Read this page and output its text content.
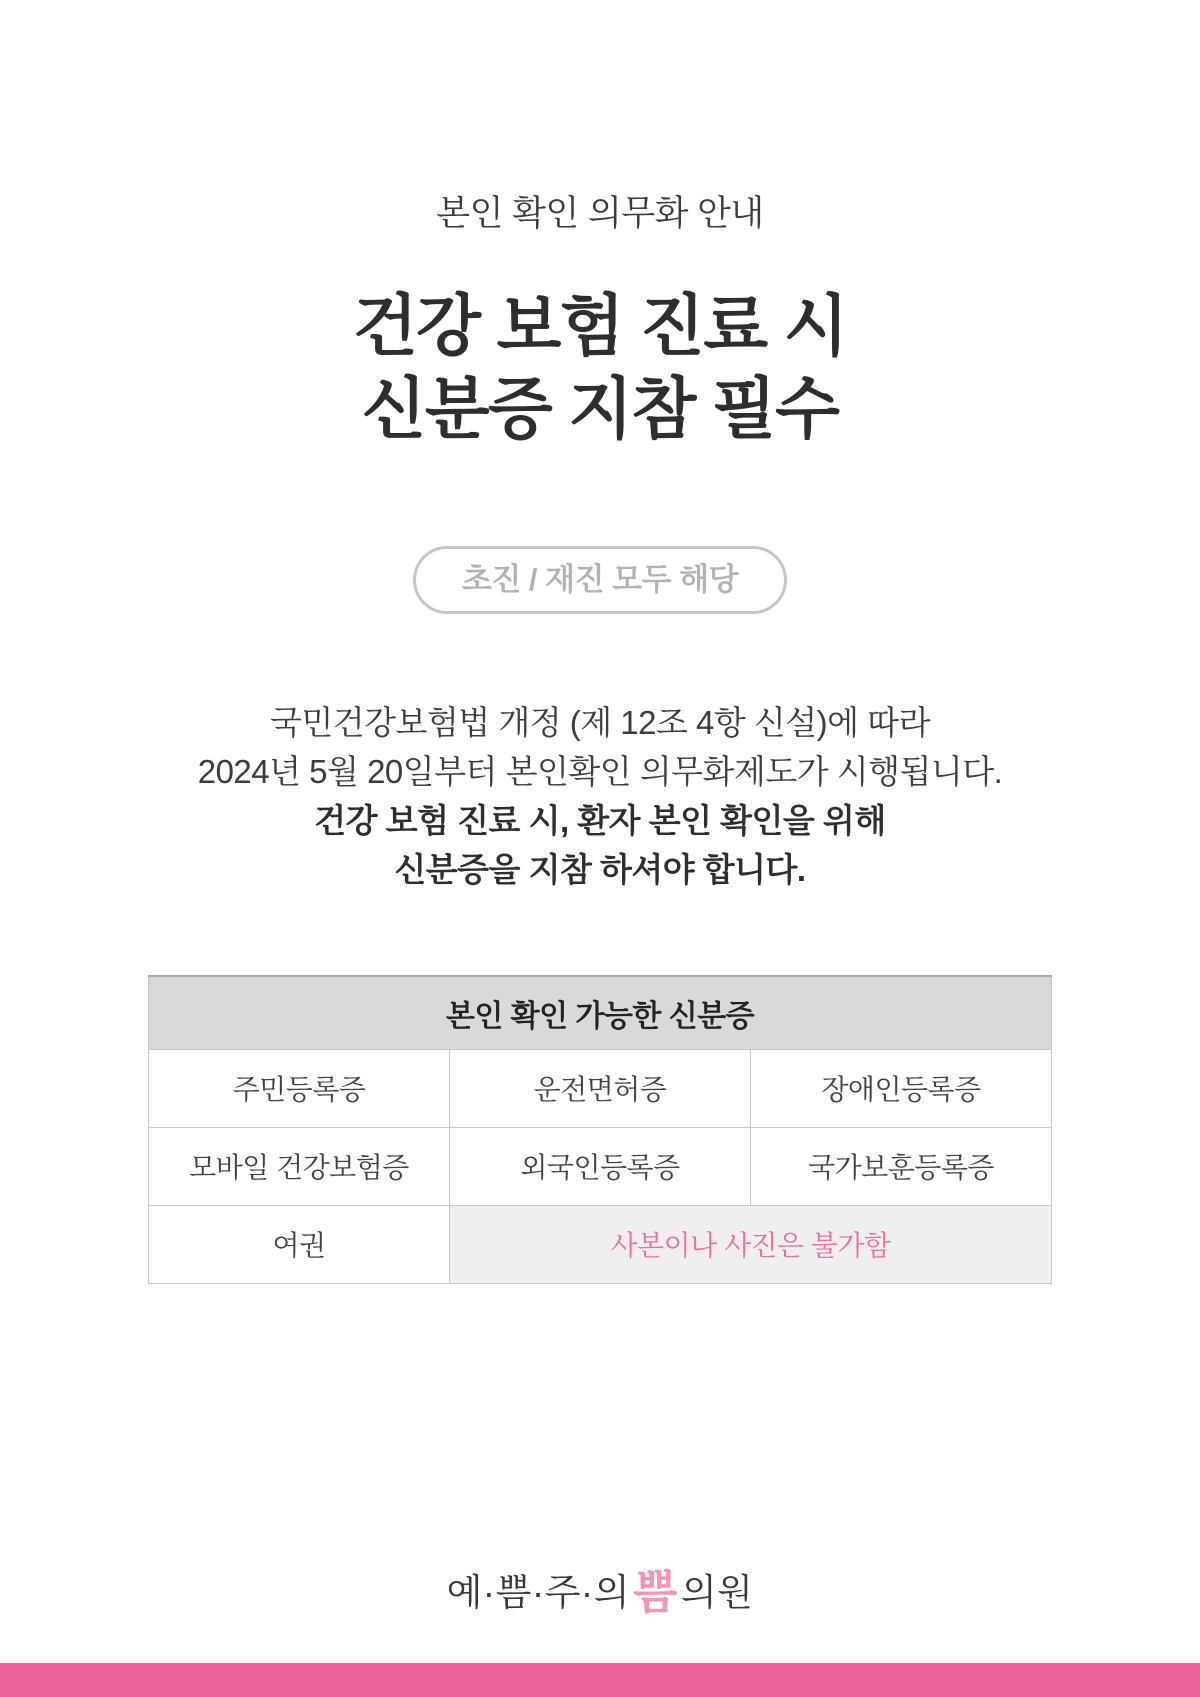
본인 확인 의무화 안내
건강 보험 진료 시
신분증 지참 필수
초진 / 재진 모두 해당

국민건강보험법 개정 (제 12조 4항 신설)에 따라

2024년 5월 20일부터 본인확인 의무화제도가 시행됩니다.

건강 보험 진료 시, 환자 본인 확인을 위해

신분증을 지참 하셔야 합니다.

본인 확인 가능한 신분증		
주민등록증	운전면허증	장애인등록증
모바일 건강보험증	외국인등록증	국가보훈등록증
여권	사본이나 사진은 불가함	
예·쁨·주·의쁨의원
